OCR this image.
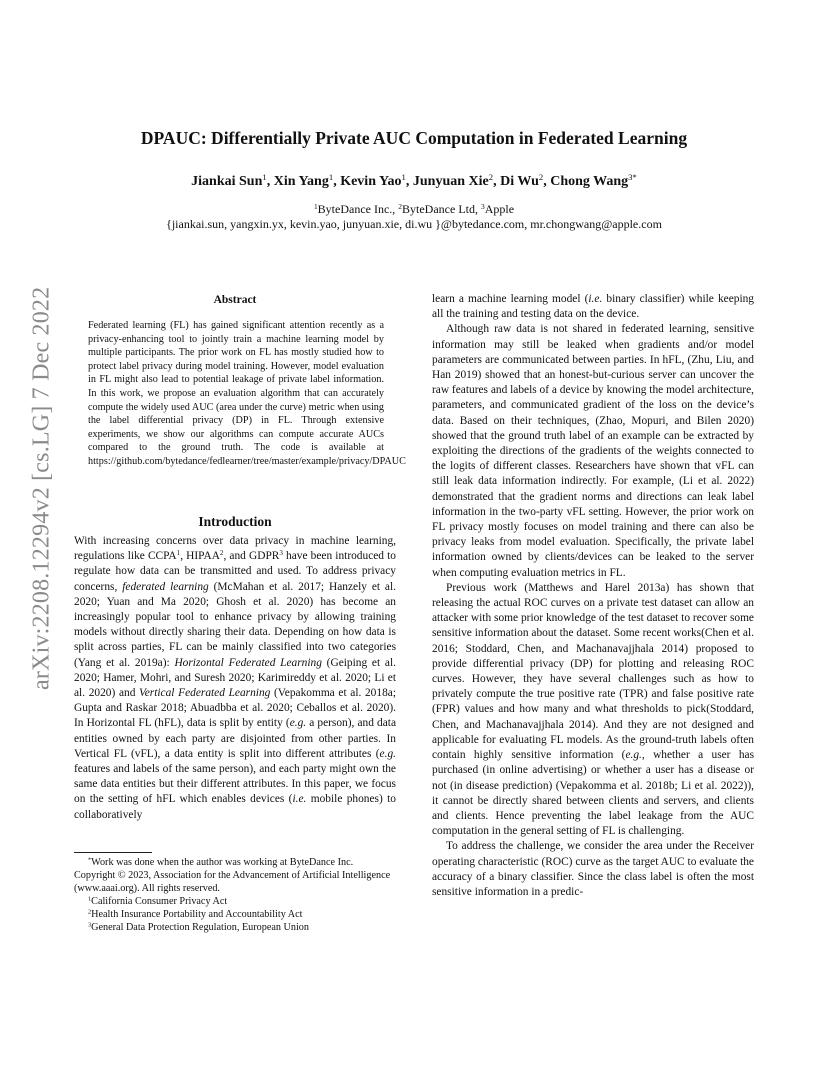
arXiv:2208.12294v2 [cs.LG] 7 Dec 2022
DPAUC: Differentially Private AUC Computation in Federated Learning
Jiankai Sun$^1$, Xin Yang$^1$, Kevin Yao$^1$, Junyuan Xie$^2$, Di Wu$^2$, Chong Wang$^{3*}$
$^1$ByteDance Inc., $^2$ByteDance Ltd, $^3$Apple
{jiankai.sun, yangxin.yx, kevin.yao, junyuan.xie, di.wu }@bytedance.com, mr.chongwang@apple.com
Abstract
Federated learning (FL) has gained significant attention recently as a privacy-enhancing tool to jointly train a machine learning model by multiple participants. The prior work on FL has mostly studied how to protect label privacy during model training. However, model evaluation in FL might also lead to potential leakage of private label information. In this work, we propose an evaluation algorithm that can accurately compute the widely used AUC (area under the curve) metric when using the label differential privacy (DP) in FL. Through extensive experiments, we show our algorithms can compute accurate AUCs compared to the ground truth. The code is available at https://github.com/bytedance/fedlearner/tree/master/example/privacy/DPAUC
Introduction

With increasing concerns over data privacy in machine learning, regulations like CCPA$^1$, HIPAA$^2$, and GDPR$^3$ have been introduced to regulate how data can be transmitted and used. To address privacy concerns, federated learning (McMahan et al. 2017; Hanzely et al. 2020; Yuan and Ma 2020; Ghosh et al. 2020) has become an increasingly popular tool to enhance privacy by allowing training models without directly sharing their data. Depending on how data is split across parties, FL can be mainly classified into two categories (Yang et al. 2019a): Horizontal Federated Learning (Geiping et al. 2020; Hamer, Mohri, and Suresh 2020; Karimireddy et al. 2020; Li et al. 2020) and Vertical Federated Learning (Vepakomma et al. 2018a; Gupta and Raskar 2018; Abuadbba et al. 2020; Ceballos et al. 2020). In Horizontal FL (hFL), data is split by entity (e.g. a person), and data entities owned by each party are disjointed from other parties. In Vertical FL (vFL), a data entity is split into different attributes (e.g. features and labels of the same person), and each party might own the same data entities but their different attributes. In this paper, we focus on the setting of hFL which enables devices (i.e. mobile phones) to collaboratively

*Work was done when the author was working at ByteDance Inc.
Copyright © 2023, Association for the Advancement of Artificial Intelligence (www.aaai.org). All rights reserved.
$^1$California Consumer Privacy Act
$^2$Health Insurance Portability and Accountability Act
$^3$General Data Protection Regulation, European Union

learn a machine learning model (i.e. binary classifier) while keeping all the training and testing data on the device.

Although raw data is not shared in federated learning, sensitive information may still be leaked when gradients and/or model parameters are communicated between parties. In hFL, (Zhu, Liu, and Han 2019) showed that an honest-but-curious server can uncover the raw features and labels of a device by knowing the model architecture, parameters, and communicated gradient of the loss on the device’s data. Based on their techniques, (Zhao, Mopuri, and Bilen 2020) showed that the ground truth label of an example can be extracted by exploiting the directions of the gradients of the weights connected to the logits of different classes. Researchers have shown that vFL can still leak data information indirectly. For example, (Li et al. 2022) demonstrated that the gradient norms and directions can leak label information in the two-party vFL setting. However, the prior work on FL privacy mostly focuses on model training and there can also be privacy leaks from model evaluation. Specifically, the private label information owned by clients/devices can be leaked to the server when computing evaluation metrics in FL.

Previous work (Matthews and Harel 2013a) has shown that releasing the actual ROC curves on a private test dataset can allow an attacker with some prior knowledge of the test dataset to recover some sensitive information about the dataset. Some recent works(Chen et al. 2016; Stoddard, Chen, and Machanavajjhala 2014) proposed to provide differential privacy (DP) for plotting and releasing ROC curves. However, they have several challenges such as how to privately compute the true positive rate (TPR) and false positive rate (FPR) values and how many and what thresholds to pick(Stoddard, Chen, and Machanavajjhala 2014). And they are not designed and applicable for evaluating FL models. As the ground-truth labels often contain highly sensitive information (e.g., whether a user has purchased (in online advertising) or whether a user has a disease or not (in disease prediction) (Vepakomma et al. 2018b; Li et al. 2022)), it cannot be directly shared between clients and servers, and clients and clients. Hence preventing the label leakage from the AUC computation in the general setting of FL is challenging.

To address the challenge, we consider the area under the Receiver operating characteristic (ROC) curve as the target AUC to evaluate the accuracy of a binary classifier. Since the class label is often the most sensitive information in a predic-
